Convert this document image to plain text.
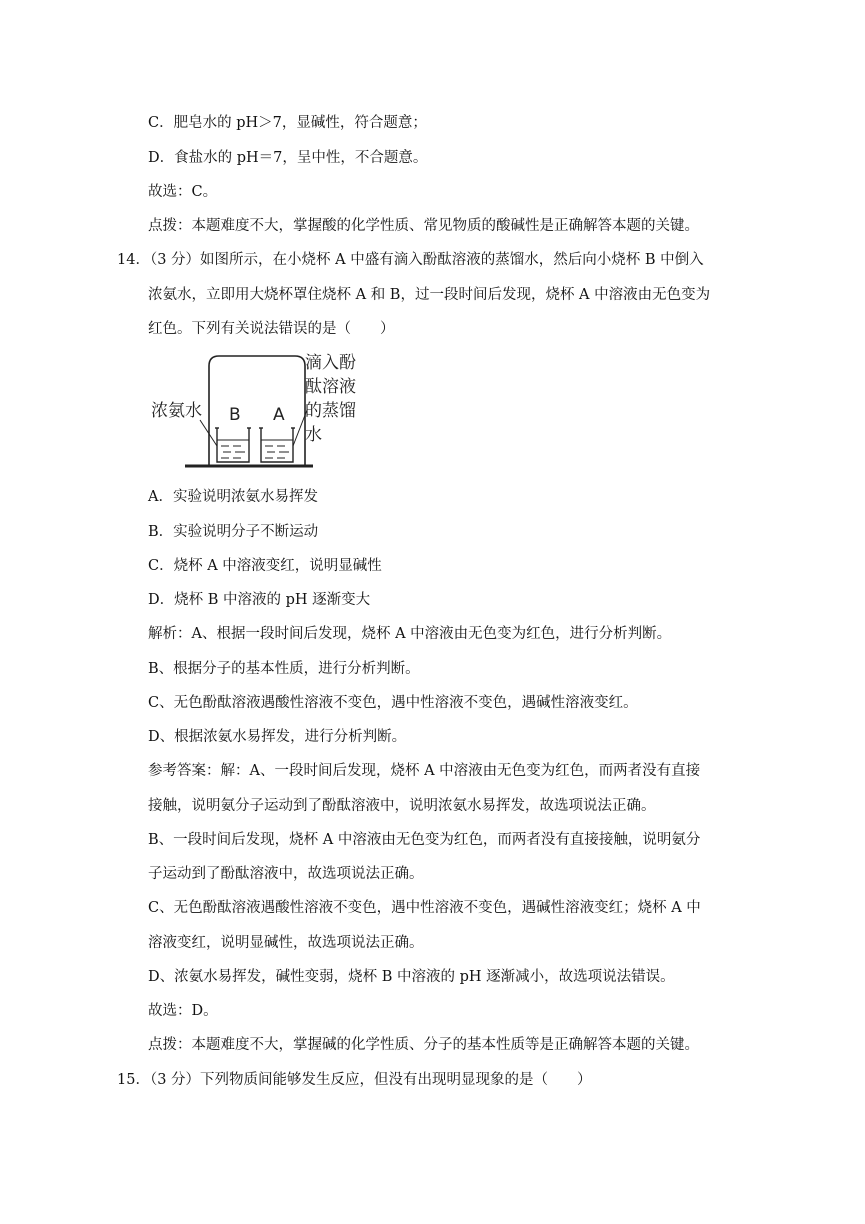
C．肥皂水的 pH＞7，显碱性，符合题意；
D．食盐水的 pH＝7，呈中性，不合题意。
故选：C。
点拨：本题难度不大，掌握酸的化学性质、常见物质的酸碱性是正确解答本题的关键。
14．（3 分）如图所示，在小烧杯 A 中盛有滴入酚酞溶液的蒸馏水，然后向小烧杯 B 中倒入
浓氨水，立即用大烧杯罩住烧杯 A 和 B，过一段时间后发现，烧杯 A 中溶液由无色变为
红色。下列有关说法错误的是（　　）
浓氨水 B A
滴入酚
酞溶液
的蒸馏
水
A．实验说明浓氨水易挥发
B．实验说明分子不断运动
C．烧杯 A 中溶液变红，说明显碱性
D．烧杯 B 中溶液的 pH 逐渐变大
解析：A、根据一段时间后发现，烧杯 A 中溶液由无色变为红色，进行分析判断。
B、根据分子的基本性质，进行分析判断。
C、无色酚酞溶液遇酸性溶液不变色，遇中性溶液不变色，遇碱性溶液变红。
D、根据浓氨水易挥发，进行分析判断。
参考答案：解：A、一段时间后发现，烧杯 A 中溶液由无色变为红色，而两者没有直接
接触，说明氨分子运动到了酚酞溶液中，说明浓氨水易挥发，故选项说法正确。
B、一段时间后发现，烧杯 A 中溶液由无色变为红色，而两者没有直接接触，说明氨分
子运动到了酚酞溶液中，故选项说法正确。
C、无色酚酞溶液遇酸性溶液不变色，遇中性溶液不变色，遇碱性溶液变红；烧杯 A 中
溶液变红，说明显碱性，故选项说法正确。
D、浓氨水易挥发，碱性变弱，烧杯 B 中溶液的 pH 逐渐减小，故选项说法错误。
故选：D。
点拨：本题难度不大，掌握碱的化学性质、分子的基本性质等是正确解答本题的关键。
15．（3 分）下列物质间能够发生反应，但没有出现明显现象的是（　　）
